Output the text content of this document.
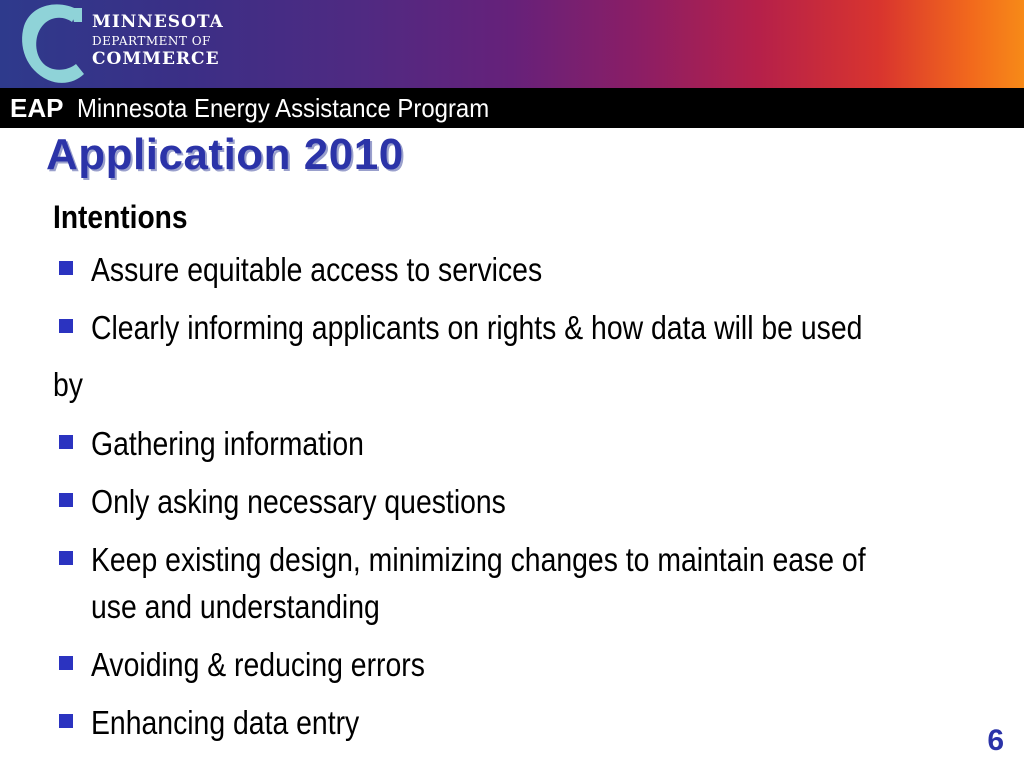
MINNESOTA
DEPARTMENT OF
COMMERCE
EAP Minnesota Energy Assistance Program
Application 2010
Intentions
Assure equitable access to services
Clearly informing applicants on rights & how data will be used
by
Gathering information
Only asking necessary questions
Keep existing design, minimizing changes to maintain ease of
use and understanding
Avoiding & reducing errors
Enhancing data entry	6
